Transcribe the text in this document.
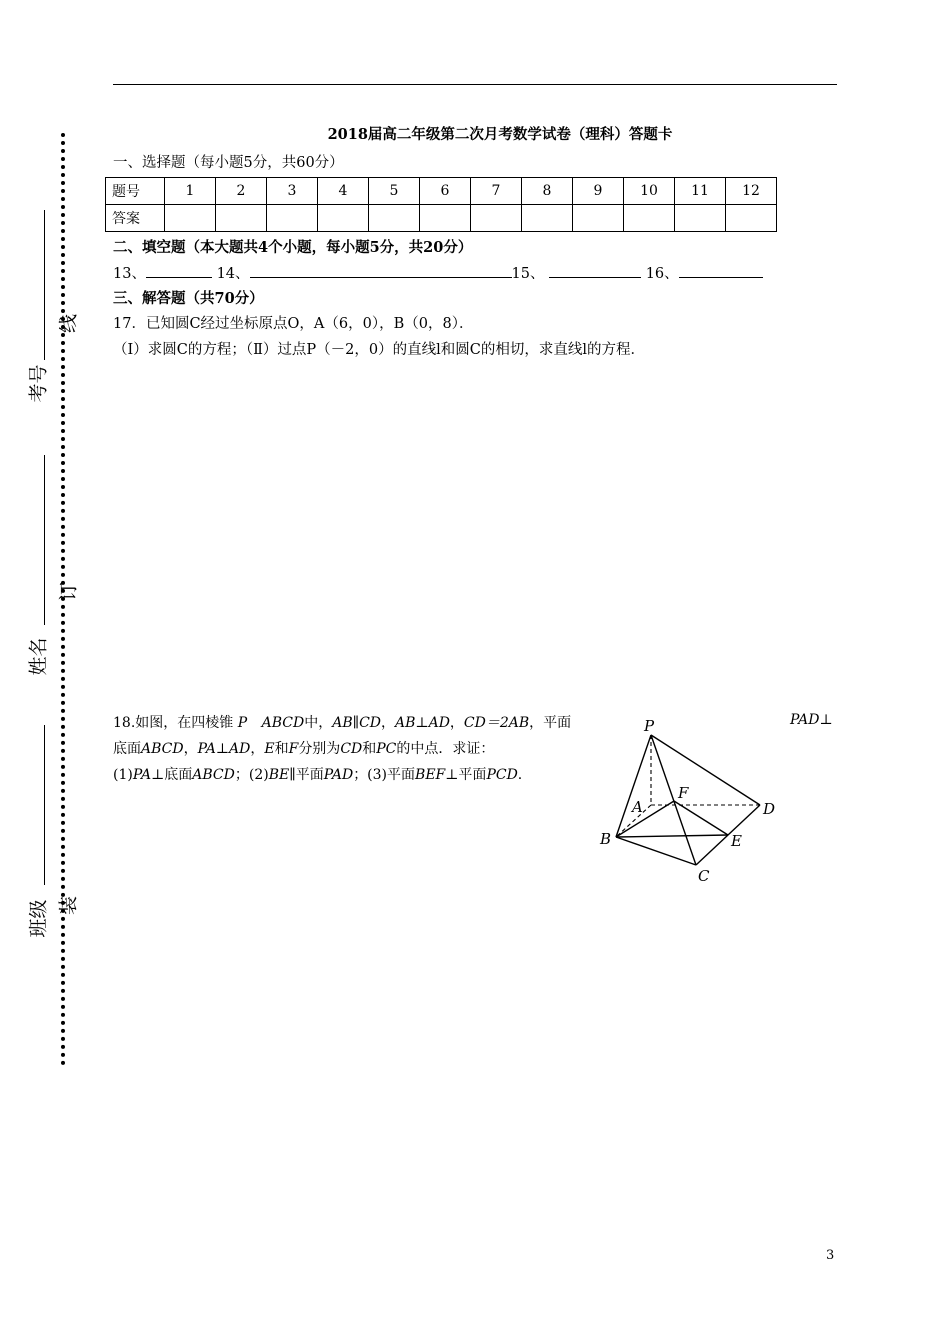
2018届高二年级第二次月考数学试卷（理科）答题卡
一、选择题（每小题5分，共60分）
题号	1	2	3	4	5	6	7	8	9	10	11	12
答案												
二、填空题（本大题共4个小题，每小题5分，共20分）
13、	14、	15、	16、
三、解答题（共70分）
17．已知圆C经过坐标原点O，A（6，0），B（0，8）．
（Ⅰ）求圆C的方程；（Ⅱ）过点P（－2，0）的直线l和圆C的相切，求直线l的方程．
18.如图，在四棱锥 P ABCD中，AB∥CD，AB⊥AD，CD＝2AB，平面	PAD⊥
底面ABCD，PA⊥AD，E和F分别为CD和PC的中点．求证：
(1)PA⊥底面ABCD；(2)BE∥平面PAD；(3)平面BEF⊥平面PCD.
P
A
F
D
B	E
C
考号
姓名
班级
线
订
装
3
